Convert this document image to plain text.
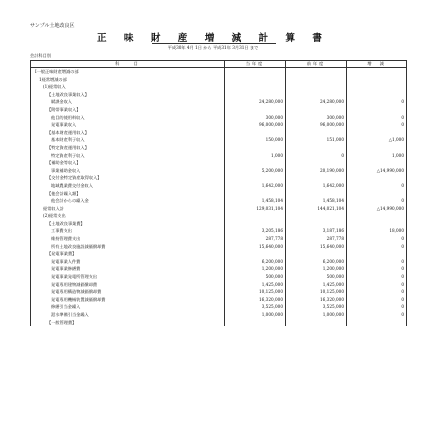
サンプル土地改良区
正 味 財 産 増 減 計 算 書
平成30年 4月 1日 から 平成31年 3月31日 まで
会計科目別
科　　目	当年度	前年度	増　減
Ⅰ一般正味財産増減の部			
1経常増減の部			
(1)経常収入			
【土地改良事業収入】			
賦課金収入	24,280,000	24,280,000	0
【附帯事業収入】			
他目的使用料収入	300,000	300,000	0
発電事業収入	96,000,000	96,000,000	0
【基本財産運用収入】			
基本財産利子収入	150,000	151,000	△1,000
【特定資産運用収入】			
特定資産利子収入	1,000	0	1,000
【補助金等収入】			
事業補助金収入	5,200,000	20,190,000	△14,990,000
【交付金特定資産取得収入】			
地域農業費交付金収入	1,642,000	1,642,000	0
【他会計繰入額】			
他会計からの繰入金	1,458,104	1,458,104	0
経常収入計	129,031,104	144,021,104	△14,990,000
(2)経常支出			
【土地改良事業費】			
工事費支出	3,205,186	3,187,186	18,000
維持管理費支出	287,778	287,778	0
所有土地改良施設減価償却費	15,640,000	15,640,000	0
【発電事業費】			
発電事業人件費	6,200,000	6,200,000	0
発電事業修繕費	1,200,000	1,200,000	0
発電事業発電所管理支出	500,000	500,000	0
発電専用建物減価償却費	1,425,000	1,425,000	0
発電専用構造物減価償却費	10,125,000	10,125,000	0
発電専用機械装置減価償却費	16,320,000	16,320,000	0
修繕引当金繰入	3,525,000	3,525,000	0
渇水準備引当金繰入	1,000,000	1,000,000	0
【一般管理費】			
